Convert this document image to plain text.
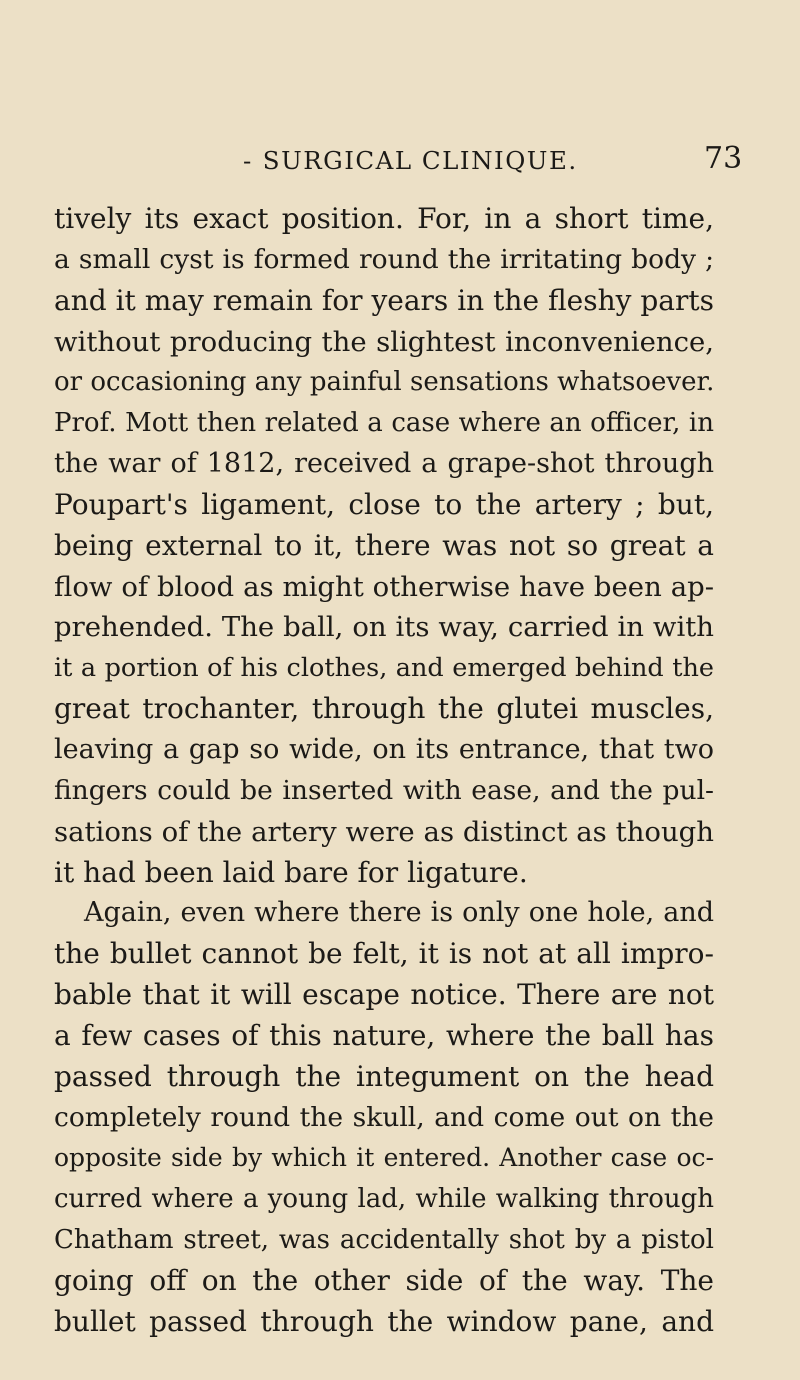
- SURGICAL CLINIQUE.	73
tively its exact position. For, in a short time,
a small cyst is formed round the irritating body ;
and it may remain for years in the fleshy parts
without producing the slightest inconvenience,
or occasioning any painful sensations whatsoever.
Prof. Mott then related a case where an officer, in
the war of 1812, received a grape-shot through
Poupart's ligament, close to the artery ; but,
being external to it, there was not so great a
flow of blood as might otherwise have been ap-
prehended. The ball, on its way, carried in with
it a portion of his clothes, and emerged behind the
great trochanter, through the glutei muscles,
leaving a gap so wide, on its entrance, that two
fingers could be inserted with ease, and the pul-
sations of the artery were as distinct as though
it had been laid bare for ligature.
Again, even where there is only one hole, and
the bullet cannot be felt, it is not at all impro-
bable that it will escape notice. There are not
a few cases of this nature, where the ball has
passed through the integument on the head
completely round the skull, and come out on the
opposite side by which it entered. Another case oc-
curred where a young lad, while walking through
Chatham street, was accidentally shot by a pistol
going off on the other side of the way. The
bullet passed through the window pane, and
